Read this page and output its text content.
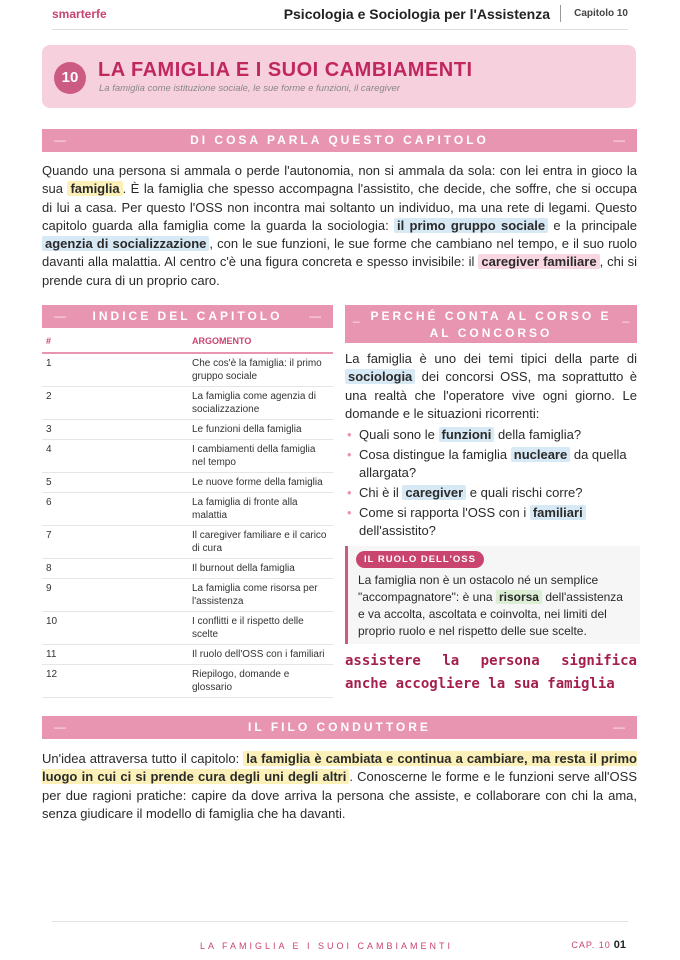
smarterfe	Psicologia e Sociologia per l'Assistenza Capitolo 10
10 LA FAMIGLIA E I SUOI CAMBIAMENTI
La famiglia come istituzione sociale, le sue forme e funzioni, il caregiver
—	DI COSA PARLA QUESTO CAPITOLO	—
Quando una persona si ammala o perde l'autonomia, non si ammala da sola: con lei entra in gioco la sua famiglia . È la famiglia che spesso accompagna l'assistito, che decide, che soffre, che si occupa di lui a casa. Per questo l'OSS non incontra mai soltanto un individuo, ma una rete di legami. Questo capitolo guarda alla famiglia come la guarda la sociologia: il primo gruppo sociale e la principale agenzia di socializzazione , con le sue funzioni, le sue forme che cambiano nel tempo, e il suo ruolo davanti alla malattia. Al centro c'è una figura concreta e spesso invisibile: il caregiver familiare , chi si prende cura di un proprio caro.
— INDICE DEL CAPITOLO —
#	ARGOMENTO
1	Che cos'è la famiglia: il primo gruppo sociale
2	La famiglia come agenzia di socializzazione
3	Le funzioni della famiglia
4	I cambiamenti della famiglia nel tempo
5	Le nuove forme della famiglia
6	La famiglia di fronte alla malattia
7	Il caregiver familiare e il carico di cura
8	Il burnout della famiglia
9	La famiglia come risorsa per l'assistenza
10	I conflitti e il rispetto delle scelte
11	Il ruolo dell'OSS con i familiari
12	Riepilogo, domande e glossario
_ PERCHÉ CONTA AL CORSO E AL CONCORSO
_
La famiglia è uno dei temi tipici della parte di sociologia dei concorsi OSS, ma soprattutto è una realtà che l'operatore vive ogni giorno. Le domande e le situazioni ricorrenti:
• Quali sono le funzioni della famiglia?
• Cosa distingue la famiglia nucleare da quella allargata?
• Chi è il caregiver e quali rischi corre?
• Come si rapporta l'OSS con i familiari dell'assistito?
IL RUOLO DELL'OSS
La famiglia non è un ostacolo né un semplice "accompagnatore": è una risorsa dell'assistenza e va accolta, ascoltata e coinvolta, nei limiti del proprio ruolo e nel rispetto delle sue scelte.
assistere la persona significa anche accogliere la sua famiglia
—	IL FILO CONDUTTORE	—
Un'idea attraversa tutto il capitolo: la famiglia è cambiata e continua a cambiare, ma resta il primo luogo in cui ci si prende cura degli uni degli altri . Conoscerne le forme e le funzioni serve all'OSS per due ragioni pratiche: capire da dove arriva la persona che assiste, e collaborare con chi la ama, senza giudicare il modello di famiglia che ha davanti.
LA FAMIGLIA E I SUOI CAMBIAMENTI	CAP. 10 01
